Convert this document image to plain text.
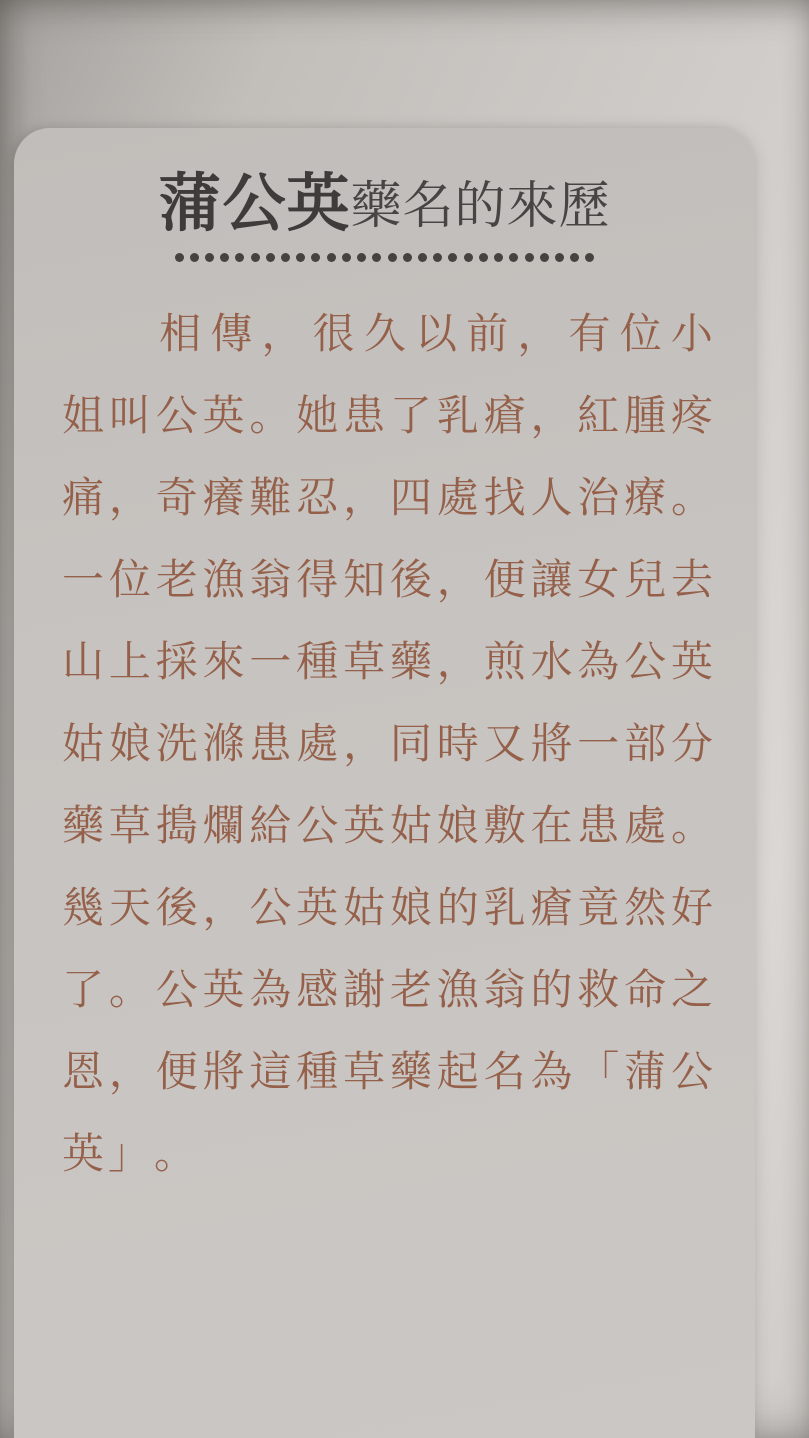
蒲公英 藥名的來歷
相 傳 ， 很 久 以 前 ， 有 位 小
姐 叫 公 英 。 她 患 了 乳 瘡 ， 紅 腫 疼
痛 ， 奇 癢 難 忍 ， 四 處 找 人 治 療 。
一 位 老 漁 翁 得 知 後 ， 便 讓 女 兒 去
山 上 採 來 一 種 草 藥 ， 煎 水 為 公 英
姑 娘 洗 滌 患 處 ， 同 時 又 將 一 部 分
藥 草 搗 爛 給 公 英 姑 娘 敷 在 患 處 。
幾 天 後 ， 公 英 姑 娘 的 乳 瘡 竟 然 好
了 。 公 英 為 感 謝 老 漁 翁 的 救 命 之
恩 ， 便 將 這 種 草 藥 起 名 為 「 蒲 公
英 」 。
